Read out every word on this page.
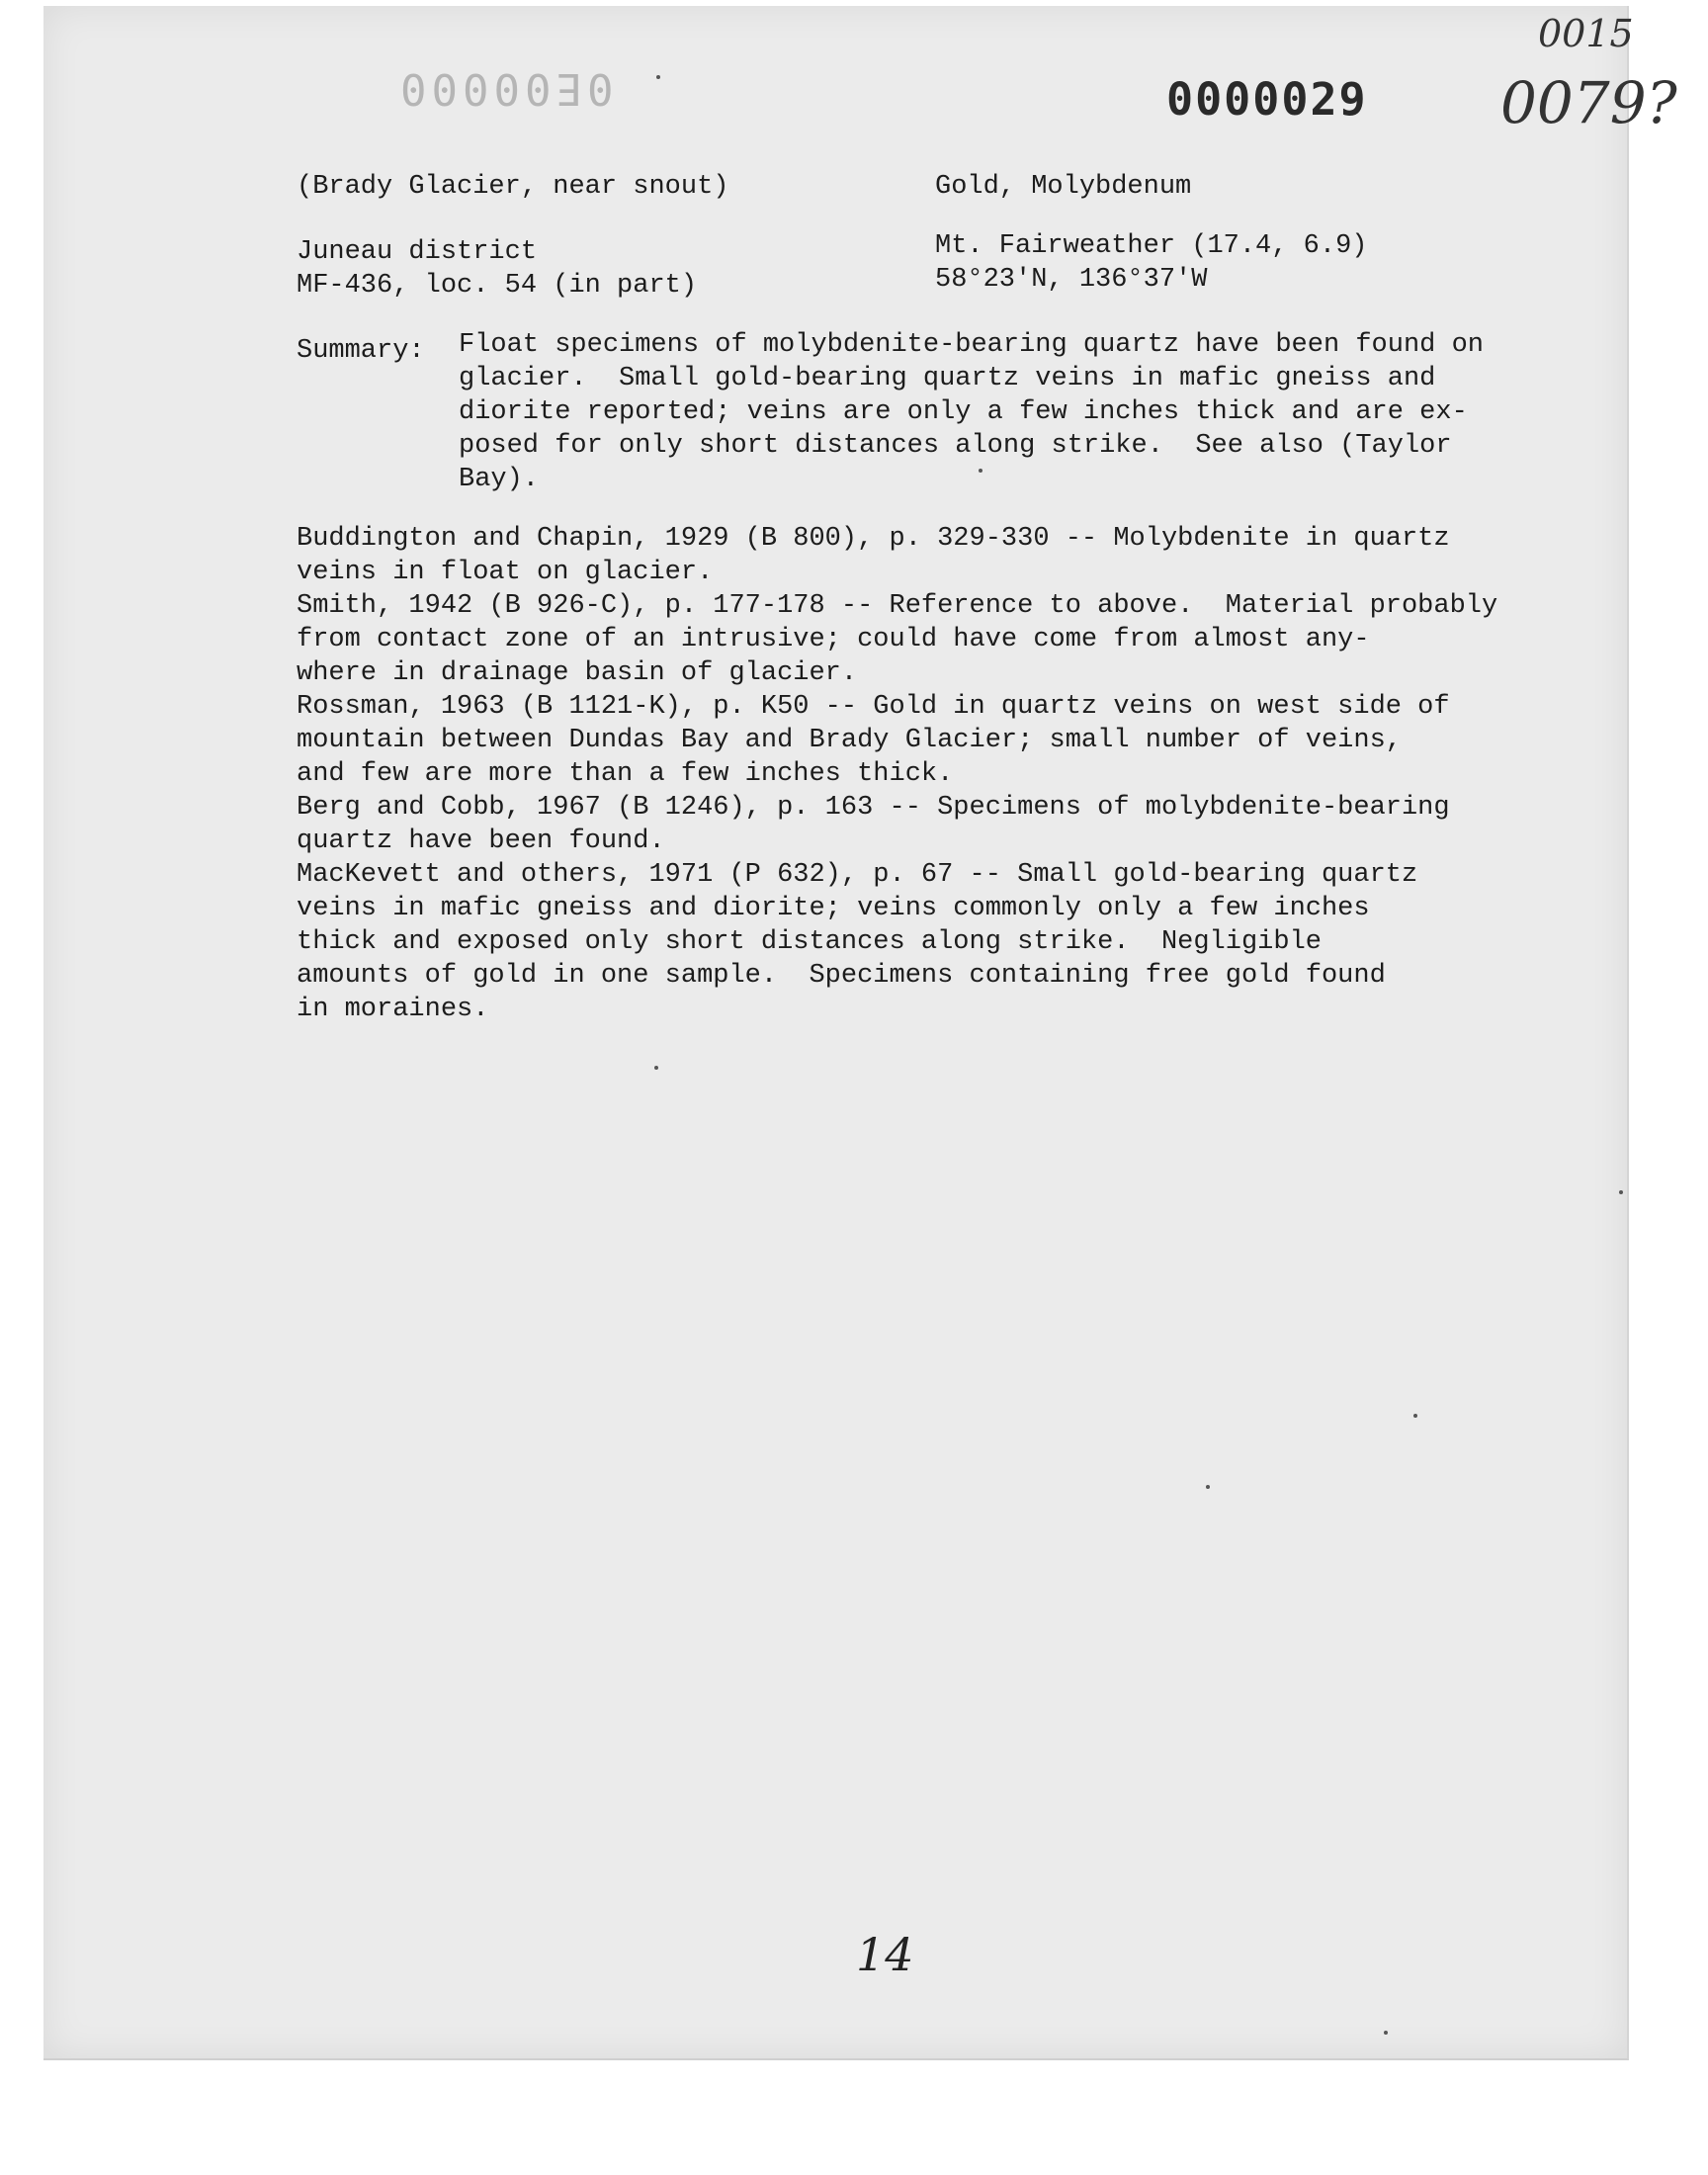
0E00000	0000029
0015
0079?
(Brady Glacier, near snout)	Gold, Molybdenum
Juneau district
MF-436, loc. 54 (in part)
Mt. Fairweather (17.4, 6.9)
58°23'N, 136°37'W
Summary: Float specimens of molybdenite-bearing quartz have been found on
glacier.  Small gold-bearing quartz veins in mafic gneiss and
diorite reported; veins are only a few inches thick and are ex-
posed for only short distances along strike.  See also (Taylor
Bay).
Buddington and Chapin, 1929 (B 800), p. 329-330 -- Molybdenite in quartz
veins in float on glacier.
Smith, 1942 (B 926-C), p. 177-178 -- Reference to above.  Material probably
from contact zone of an intrusive; could have come from almost any-
where in drainage basin of glacier.
Rossman, 1963 (B 1121-K), p. K50 -- Gold in quartz veins on west side of
mountain between Dundas Bay and Brady Glacier; small number of veins,
and few are more than a few inches thick.
Berg and Cobb, 1967 (B 1246), p. 163 -- Specimens of molybdenite-bearing
quartz have been found.
MacKevett and others, 1971 (P 632), p. 67 -- Small gold-bearing quartz
veins in mafic gneiss and diorite; veins commonly only a few inches
thick and exposed only short distances along strike.  Negligible
amounts of gold in one sample.  Specimens containing free gold found
in moraines.
14
